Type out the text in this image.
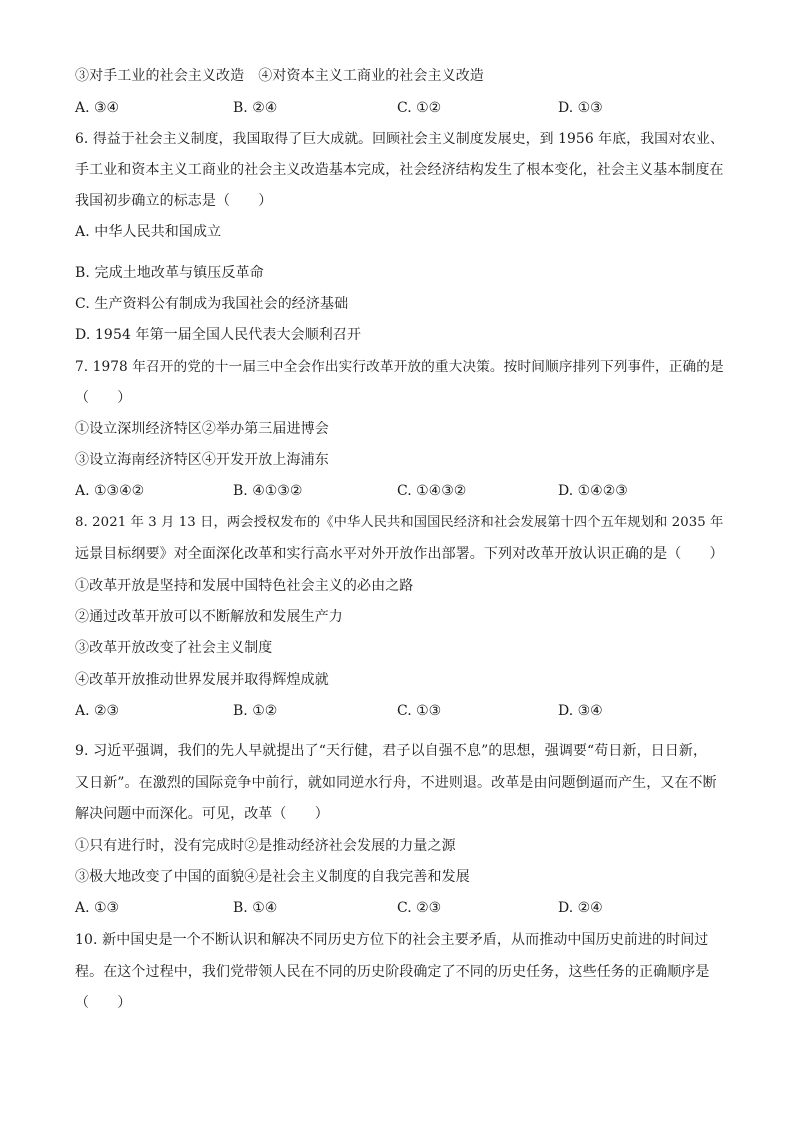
③对手工业的社会主义改造　④对资本主义工商业的社会主义改造
A. ③④	B. ②④	C. ①②	D. ①③
6. 得益于社会主义制度，我国取得了巨大成就。回顾社会主义制度发展史，到 1956 年底，我国对农业、
手工业和资本主义工商业的社会主义改造基本完成，社会经济结构发生了根本变化，社会主义基本制度在
我国初步确立的标志是（　　）
A. 中华人民共和国成立
B. 完成土地改革与镇压反革命
C. 生产资料公有制成为我国社会的经济基础
D. 1954 年第一届全国人民代表大会顺利召开
7. 1978 年召开的党的十一届三中全会作出实行改革开放的重大决策。按时间顺序排列下列事件，正确的是
（　　）
①设立深圳经济特区②举办第三届进博会
③设立海南经济特区④开发开放上海浦东
A. ①③④②	B. ④①③②	C. ①④③②	D. ①④②③
8. 2021 年 3 月 13 日，两会授权发布的《中华人民共和国国民经济和社会发展第十四个五年规划和 2035 年
远景目标纲要》对全面深化改革和实行高水平对外开放作出部署。下列对改革开放认识正确的是（　　）
①改革开放是坚持和发展中国特色社会主义的必由之路
②通过改革开放可以不断解放和发展生产力
③改革开放改变了社会主义制度
④改革开放推动世界发展并取得辉煌成就
A. ②③	B. ①②	C. ①③	D. ③④
9. 习近平强调，我们的先人早就提出了“天行健，君子以自强不息”的思想，强调要“苟日新，日日新，
又日新”。在激烈的国际竞争中前行，就如同逆水行舟，不进则退。改革是由问题倒逼而产生，又在不断
解决问题中而深化。可见，改革（　　）
①只有进行时，没有完成时②是推动经济社会发展的力量之源
③极大地改变了中国的面貌④是社会主义制度的自我完善和发展
A. ①③	B. ①④	C. ②③	D. ②④
10. 新中国史是一个不断认识和解决不同历史方位下的社会主要矛盾，从而推动中国历史前进的时间过
程。在这个过程中，我们党带领人民在不同的历史阶段确定了不同的历史任务，这些任务的正确顺序是
（　　）
